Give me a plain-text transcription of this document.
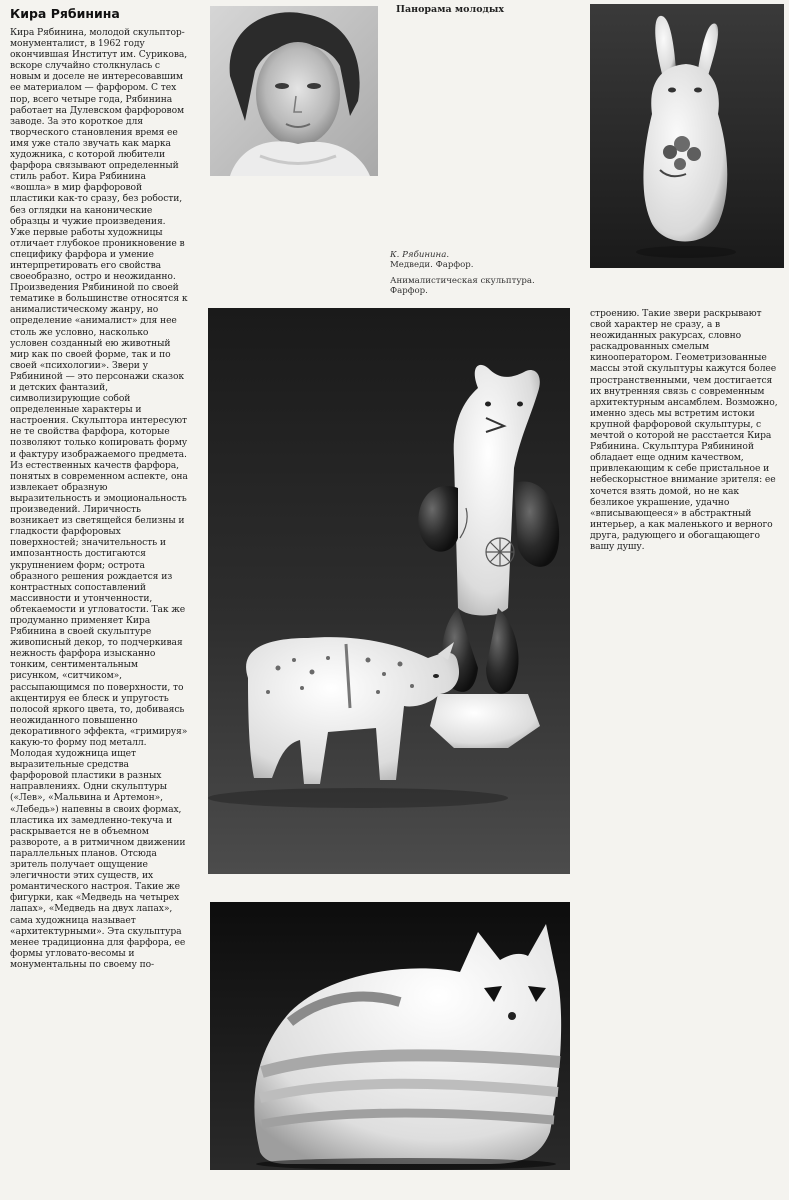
Кира Рябинина

Кира Рябинина, молодой скульптор-монументалист, в 1962 году окончившая Институт им. Сурикова, вскоре случайно столкнулась с новым и доселе не интересовавшим ее материалом — фарфором. С тех пор, всего четыре года, Рябинина работает на Дулевском фарфоровом заводе. За это короткое для творческого становления время ее имя уже стало звучать как марка художника, с которой любители фарфора связывают определенный стиль работ. Кира Рябинина «вошла» в мир фарфоровой пластики как-то сразу, без робости, без оглядки на канонические образцы и чужие произведения. Уже первые работы художницы отличает глубокое проникновение в специфику фарфора и умение интерпретировать его свойства своеобразно, остро и неожиданно. Произведения Рябининой по своей тематике в большинстве относятся к анималистическому жанру, но определение «анималист» для нее столь же условно, насколько условен созданный ею животный мир как по своей форме, так и по своей «психологии». Звери у Рябининой — это персонажи сказок и детских фантазий, символизирующие собой определенные характеры и настроения. Скульптора интересуют не те свойства фарфора, которые позволяют только копировать форму и фактуру изображаемого предмета. Из естественных качеств фарфора, понятых в современном аспекте, она извлекает образную выразительность и эмоциональность произведений. Лиричность возникает из светящейся белизны и гладкости фарфоровых поверхностей; значительность и импозантность достигаются укрупнением форм; острота образного решения рождается из контрастных сопоставлений массивности и утонченности, обтекаемости и угловатости. Так же продуманно применяет Кира Рябинина в своей скульптуре живописный декор, то подчеркивая нежность фарфора изысканно тонким, сентиментальным рисунком, «ситчиком», рассыпающимся по поверхности, то акцентируя ее блеск и упругость полосой яркого цвета, то, добиваясь неожиданного повышенно декоративного эффекта, «гримируя» какую-то форму под металл. Молодая художница ищет выразительные средства фарфоровой пластики в разных направлениях. Одни скульптуры («Лев», «Мальвина и Артемон», «Лебедь») напевны в своих формах, пластика их замедленно-текуча и раскрывается не в объемном развороте, а в ритмичном движении параллельных планов. Отсюда зритель получает ощущение элегичности этих существ, их романтического настроя. Такие же фигурки, как «Медведь на четырех лапах», «Медведь на двух лапах», сама художница называет «архитектурными». Эта скульптура менее традиционна для фарфора, ее формы угловато-весомы и монументальны по своему по-

Панорама молодых
К. Рябинина.
Медведи. Фарфор.
Анималистическая скульптура. Фарфор.

строению. Такие звери раскрывают свой характер не сразу, а в неожиданных ракурсах, словно раскадрованных смелым кинооператором. Геометризованные массы этой скульптуры кажутся более пространственными, чем достигается их внутренняя связь с современным архитектурным ансамблем. Возможно, именно здесь мы встретим истоки крупной фарфоровой скульптуры, с мечтой о которой не расстается Кира Рябинина. Скульптура Рябининой обладает еще одним качеством, привлекающим к себе пристальное и небескорыстное внимание зрителя: ее хочется взять домой, но не как безликое украшение, удачно «вписывающееся» в абстрактный интерьер, а как маленького и верного друга, радующего и обогащающего вашу душу.
